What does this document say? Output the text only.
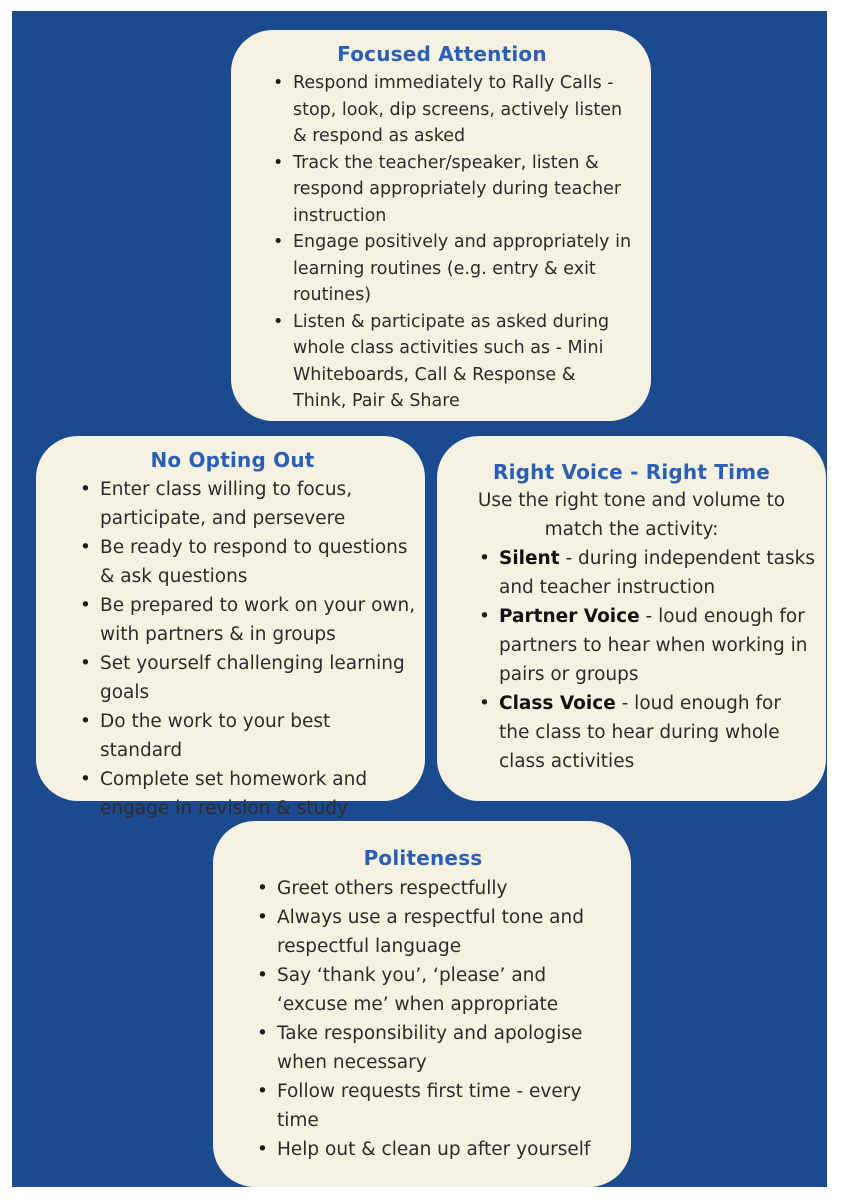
Focused Attention
• Respond immediately to Rally Calls - stop, look, dip screens, actively listen & respond as asked
• Track the teacher/speaker, listen & respond appropriately during teacher instruction
• Engage positively and appropriately in learning routines (e.g. entry & exit routines)
• Listen & participate as asked during whole class activities such as - Mini Whiteboards, Call & Response & Think, Pair & Share
No Opting Out
• Enter class willing to focus, participate, and persevere
• Be ready to respond to questions & ask questions
• Be prepared to work on your own, with partners & in groups
• Set yourself challenging learning goals
• Do the work to your best standard
• Complete set homework and engage in revision & study
Right Voice - Right Time
Use the right tone and volume to match the activity:
• Silent - during independent tasks and teacher instruction
• Partner Voice - loud enough for partners to hear when working in pairs or groups
• Class Voice - loud enough for the class to hear during whole class activities
Politeness
• Greet others respectfully
• Always use a respectful tone and respectful language
• Say ‘thank you’, ‘please’ and ‘excuse me’ when appropriate
• Take responsibility and apologise when necessary
• Follow requests first time - every time
• Help out & clean up after yourself
